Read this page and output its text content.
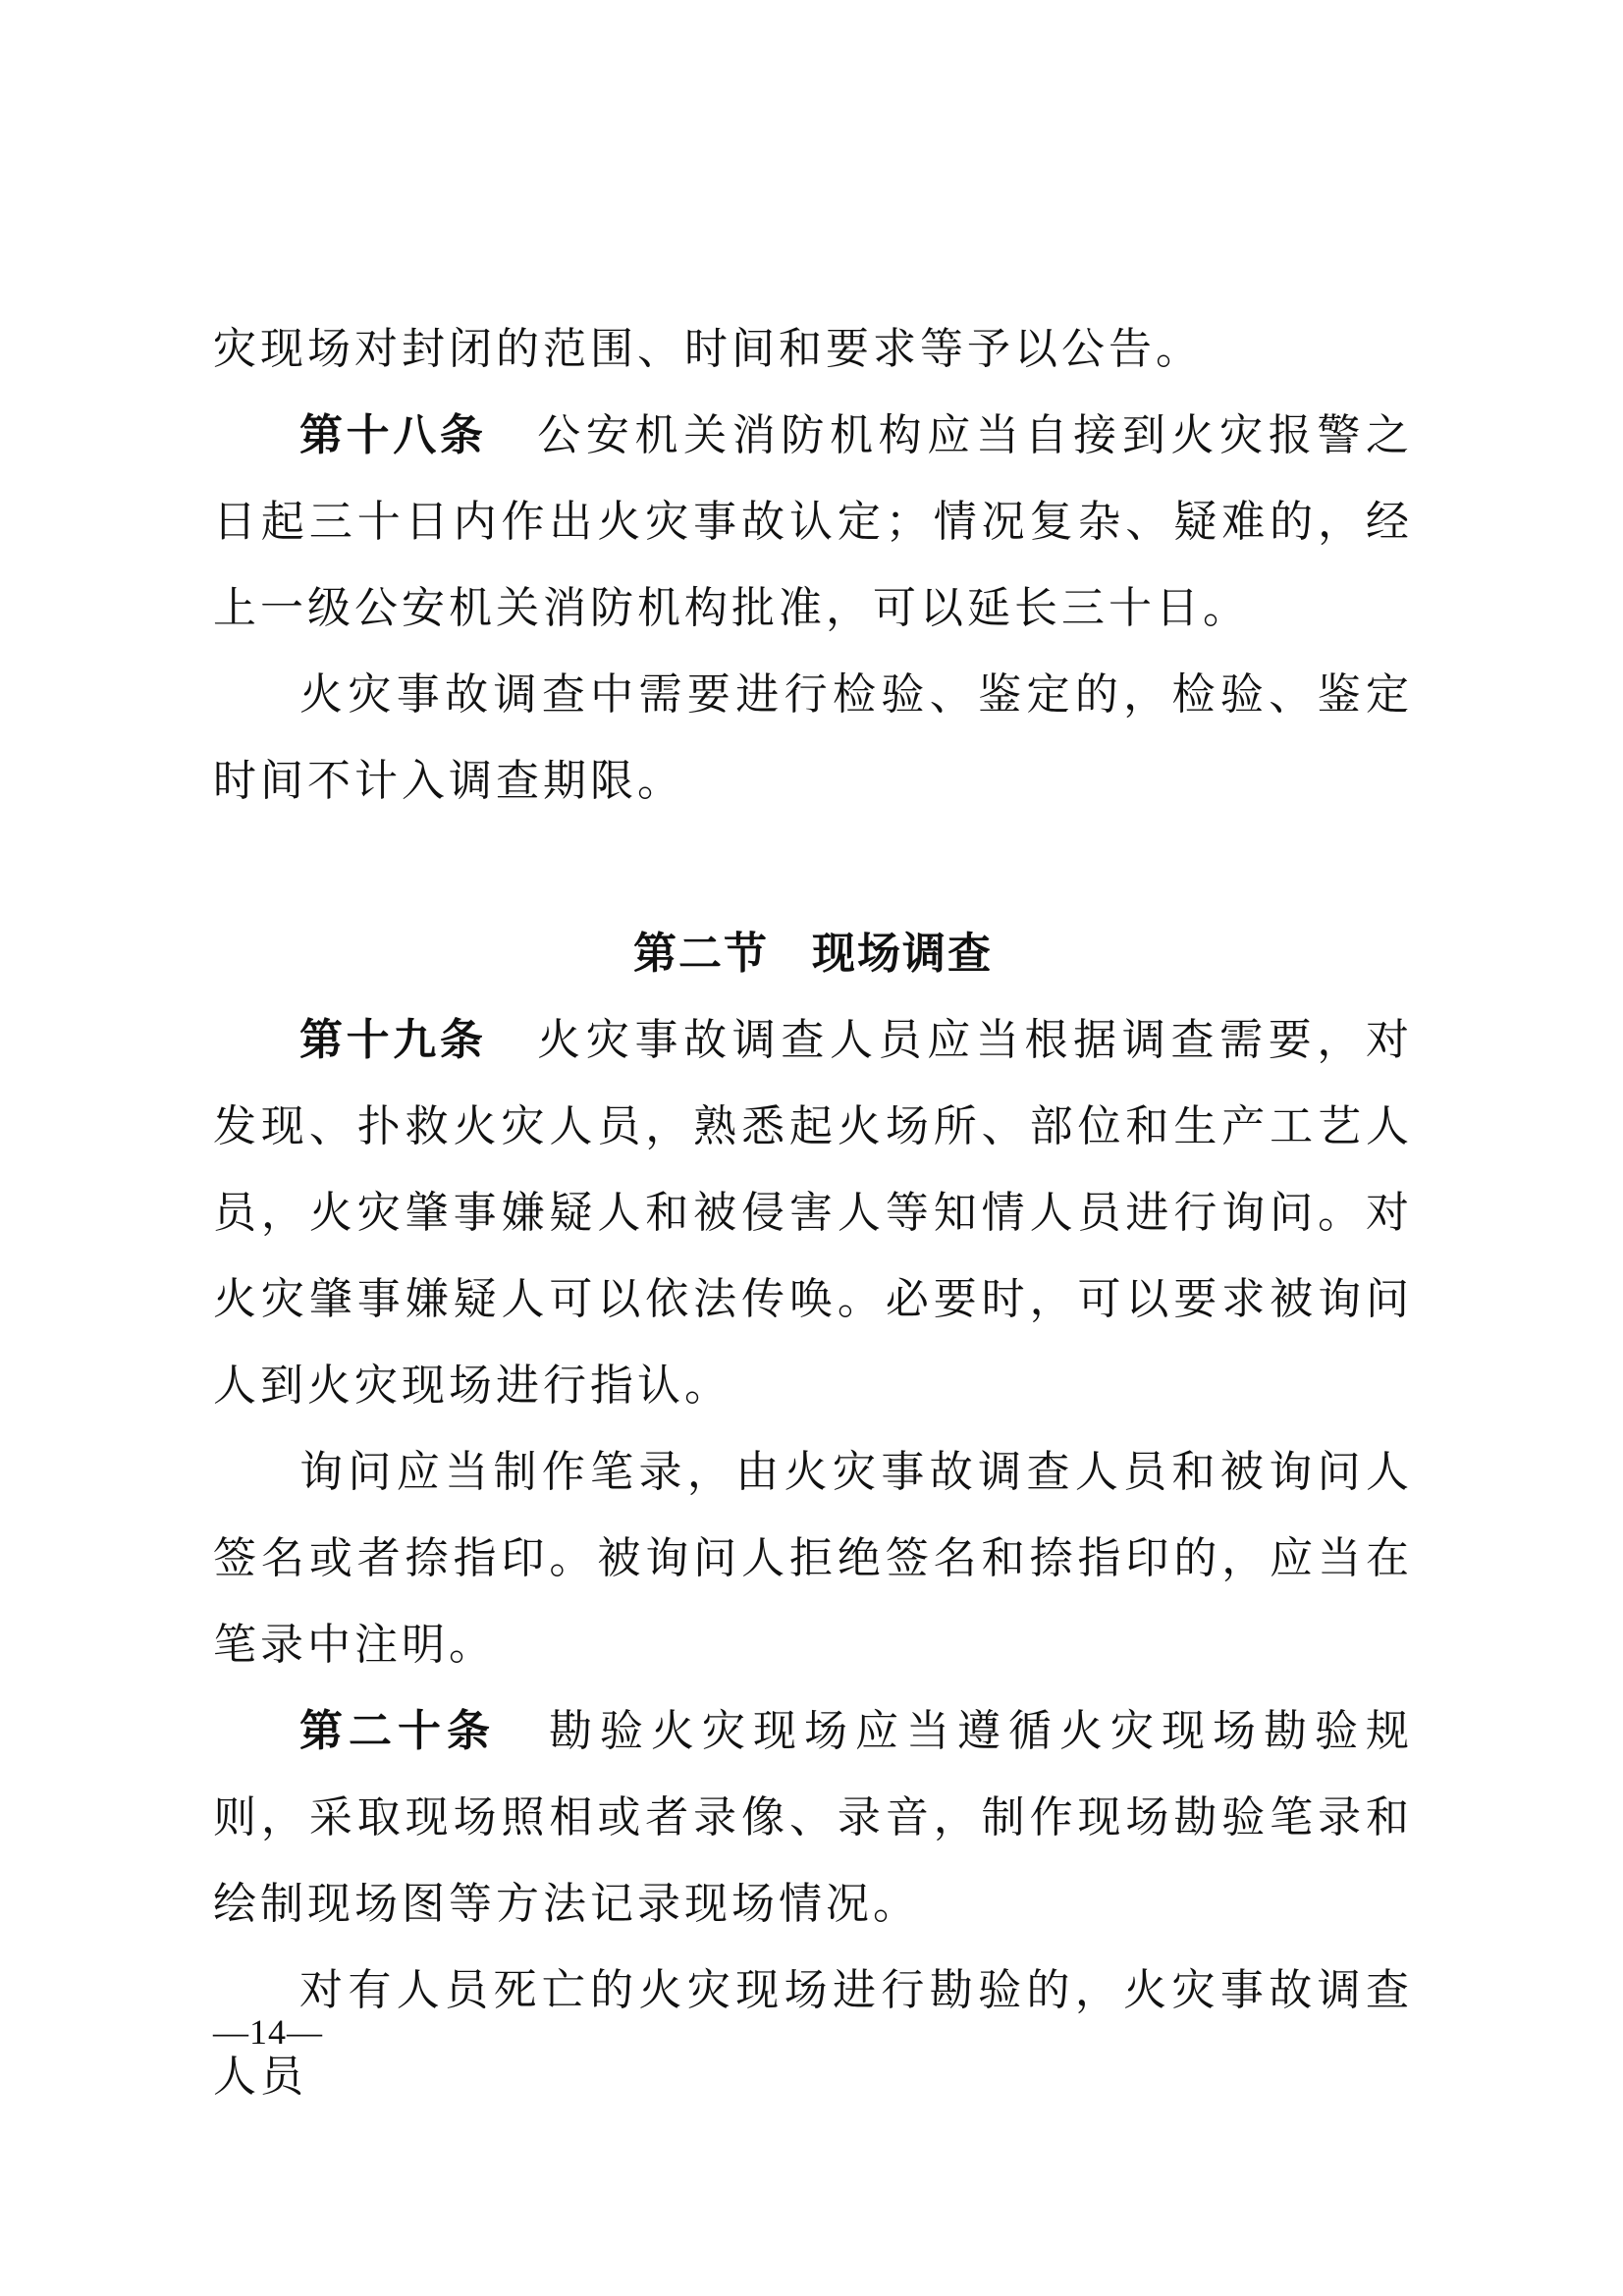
灾现场对封闭的范围、时间和要求等予以公告。

第十八条 公安机关消防机构应当自接到火灾报警之日起三十日内作出火灾事故认定；情况复杂、疑难的，经上一级公安机关消防机构批准，可以延长三十日。

火灾事故调查中需要进行检验、鉴定的，检验、鉴定时间不计入调查期限。

第二节 现场调查

第十九条 火灾事故调查人员应当根据调查需要，对发现、扑救火灾人员，熟悉起火场所、部位和生产工艺人员，火灾肇事嫌疑人和被侵害人等知情人员进行询问。对火灾肇事嫌疑人可以依法传唤。必要时，可以要求被询问人到火灾现场进行指认。

询问应当制作笔录，由火灾事故调查人员和被询问人签名或者捺指印。被询问人拒绝签名和捺指印的，应当在笔录中注明。

第二十条 勘验火灾现场应当遵循火灾现场勘验规则，采取现场照相或者录像、录音，制作现场勘验笔录和绘制现场图等方法记录现场情况。

对有人员死亡的火灾现场进行勘验的，火灾事故调查人员

—14—
